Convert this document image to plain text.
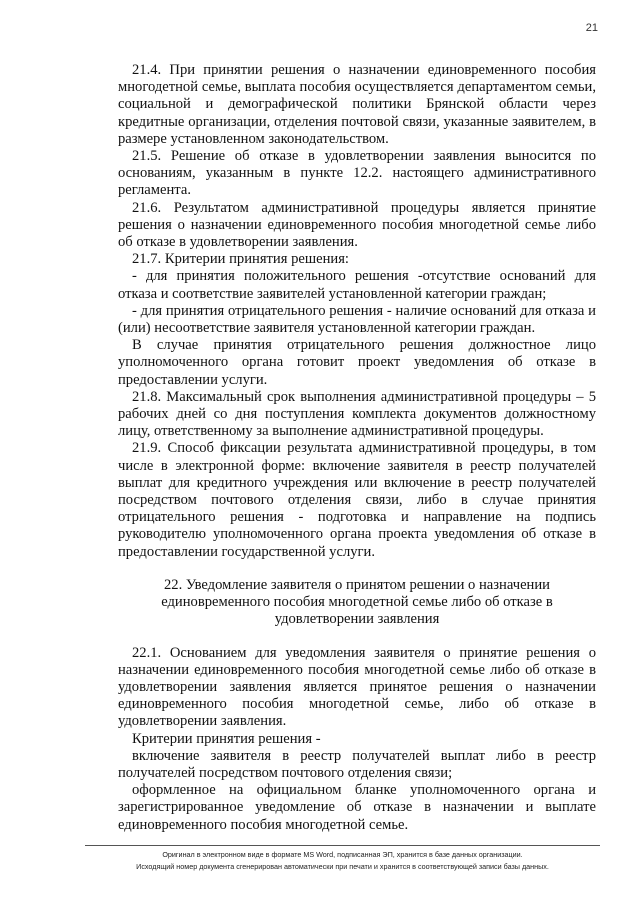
21

21.4. При принятии решения о назначении единовременного пособия многодетной семье, выплата пособия осуществляется департаментом семьи, социальной и демографической политики Брянской области через кредитные организации, отделения почтовой связи, указанные заявителем, в размере установленном законодательством.

21.5. Решение об отказе в удовлетворении заявления выносится по основаниям, указанным в пункте 12.2. настоящего административного регламента.

21.6. Результатом административной процедуры является принятие решения о назначении единовременного пособия многодетной семье либо об отказе в удовлетворении заявления.

21.7. Критерии принятия решения:

- для принятия положительного решения -отсутствие оснований для отказа и соответствие заявителей установленной категории граждан;

- для принятия отрицательного решения - наличие оснований для отказа и (или) несоответствие заявителя установленной категории граждан.

В случае принятия отрицательного решения должностное лицо уполномоченного органа готовит проект уведомления об отказе в предоставлении услуги.

21.8. Максимальный срок выполнения административной процедуры – 5 рабочих дней со дня поступления комплекта документов должностному лицу, ответственному за выполнение административной процедуры.

21.9. Способ фиксации результата административной процедуры, в том числе в электронной форме: включение заявителя в реестр получателей выплат для кредитного учреждения или включение в реестр получателей посредством почтового отделения связи, либо в случае принятия отрицательного решения - подготовка и направление на подпись руководителю уполномоченного органа проекта уведомления об отказе в предоставлении государственной услуги.

22. Уведомление заявителя о принятом решении о назначении единовременного пособия многодетной семье либо об отказе в удовлетворении заявления

22.1. Основанием для уведомления заявителя о принятие решения о назначении единовременного пособия многодетной семье либо об отказе в удовлетворении заявления является принятое решения о назначении единовременного пособия многодетной семье, либо об отказе в удовлетворении заявления.

Критерии принятия решения -

включение заявителя в реестр получателей выплат либо в реестр получателей посредством почтового отделения связи;

оформленное на официальном бланке уполномоченного органа и зарегистрированное уведомление об отказе в назначении и выплате единовременного пособия многодетной семье.

Оригинал в электронном виде в формате MS Word, подписанная ЭП, хранится в базе данных организации.
Исходящий номер документа сгенерирован автоматически при печати и хранится в соответствующей записи базы данных.
